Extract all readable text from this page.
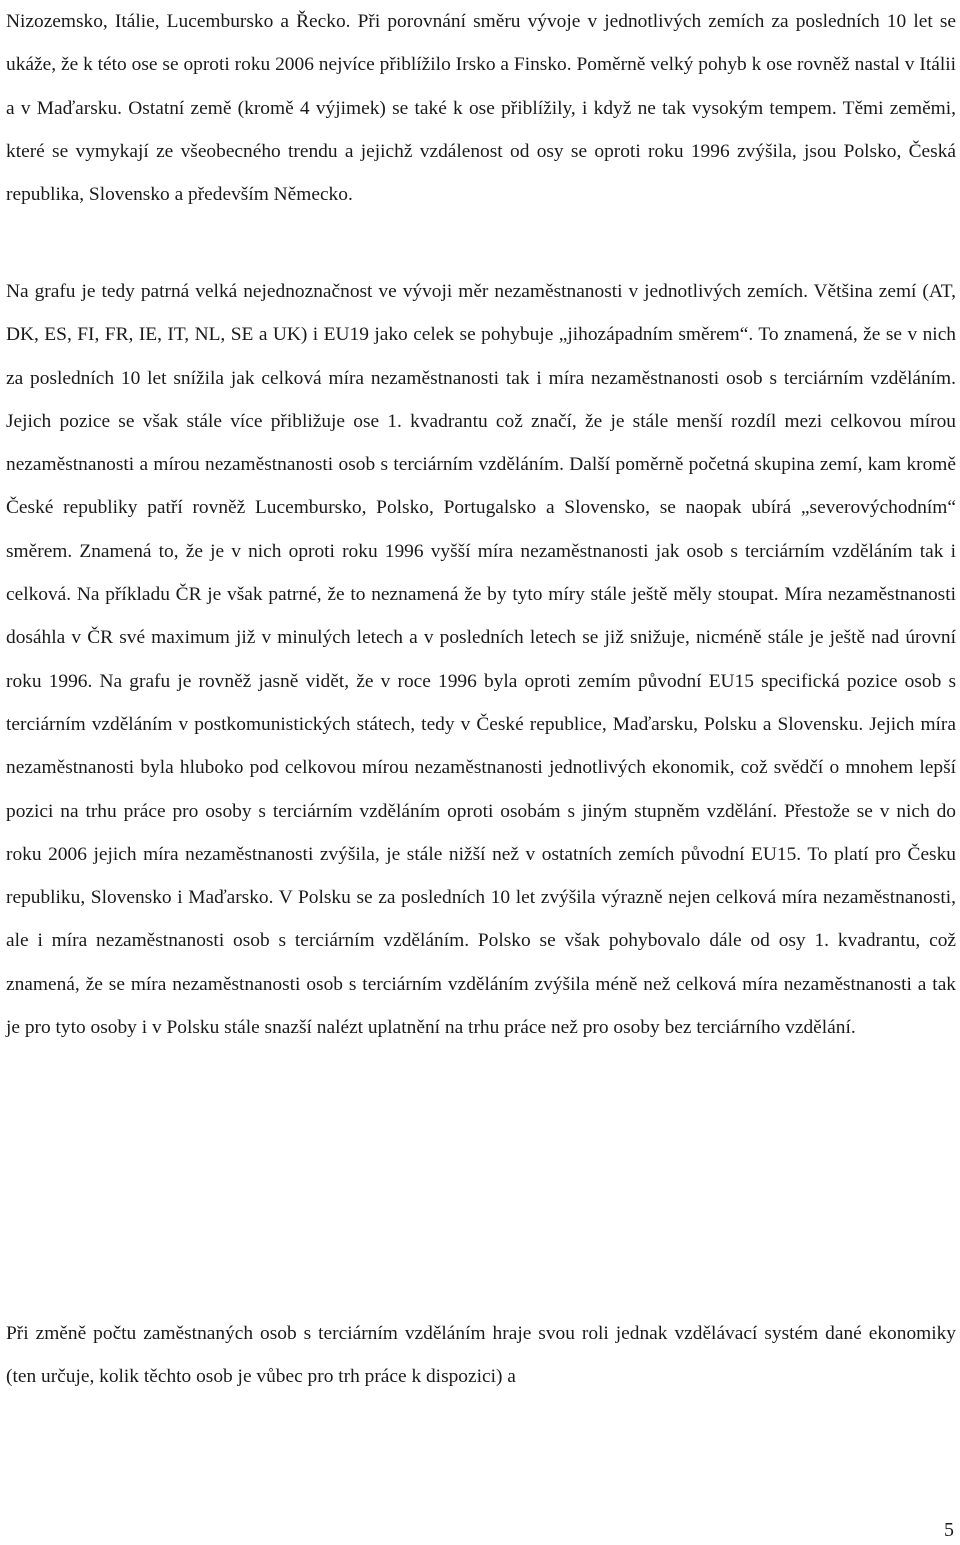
Nizozemsko, Itálie, Lucembursko a Řecko. Při porovnání směru vývoje v jednotlivých zemích za posledních 10 let se ukáže, že k této ose se oproti roku 2006 nejvíce přiblížilo Irsko a Finsko. Poměrně velký pohyb k ose rovněž nastal v Itálii a v Maďarsku. Ostatní země (kromě 4 výjimek) se také k ose přiblížily, i když ne tak vysokým tempem. Těmi zeměmi, které se vymykají ze všeobecného trendu a jejichž vzdálenost od osy se oproti roku 1996 zvýšila, jsou Polsko, Česká republika, Slovensko a především Německo.

Na grafu je tedy patrná velká nejednoznačnost ve vývoji měr nezaměstnanosti v jednotlivých zemích. Většina zemí (AT, DK, ES, FI, FR, IE, IT, NL, SE a UK) i EU19 jako celek se pohybuje „jihozápadním směrem“. To znamená, že se v nich za posledních 10 let snížila jak celková míra nezaměstnanosti tak i míra nezaměstnanosti osob s terciárním vzděláním. Jejich pozice se však stále více přibližuje ose 1. kvadrantu což značí, že je stále menší rozdíl mezi celkovou mírou nezaměstnanosti a mírou nezaměstnanosti osob s terciárním vzděláním. Další poměrně početná skupina zemí, kam kromě České republiky patří rovněž Lucembursko, Polsko, Portugalsko a Slovensko, se naopak ubírá „severovýchodním“ směrem. Znamená to, že je v nich oproti roku 1996 vyšší míra nezaměstnanosti jak osob s terciárním vzděláním tak i celková. Na příkladu ČR je však patrné, že to neznamená že by tyto míry stále ještě měly stoupat. Míra nezaměstnanosti dosáhla v ČR své maximum již v minulých letech a v posledních letech se již snižuje, nicméně stále je ještě nad úrovní roku 1996. Na grafu je rovněž jasně vidět, že v roce 1996 byla oproti zemím původní EU15 specifická pozice osob s terciárním vzděláním v postkomunistických státech, tedy v České republice, Maďarsku, Polsku a Slovensku. Jejich míra nezaměstnanosti byla hluboko pod celkovou mírou nezaměstnanosti jednotlivých ekonomik, což svědčí o mnohem lepší pozici na trhu práce pro osoby s terciárním vzděláním oproti osobám s jiným stupněm vzdělání. Přestože se v nich do roku 2006 jejich míra nezaměstnanosti zvýšila, je stále nižší než v ostatních zemích původní EU15. To platí pro Česku republiku, Slovensko i Maďarsko. V Polsku se za posledních 10 let zvýšila výrazně nejen celková míra nezaměstnanosti, ale i míra nezaměstnanosti osob s terciárním vzděláním. Polsko se však pohybovalo dále od osy 1. kvadrantu, což znamená, že se míra nezaměstnanosti osob s terciárním vzděláním zvýšila méně než celková míra nezaměstnanosti a tak je pro tyto osoby i v Polsku stále snazší nalézt uplatnění na trhu práce než pro osoby bez terciárního vzdělání.

Při změně počtu zaměstnaných osob s terciárním vzděláním hraje svou roli jednak vzdělávací systém dané ekonomiky (ten určuje, kolik těchto osob je vůbec pro trh práce k dispozici) a

5
